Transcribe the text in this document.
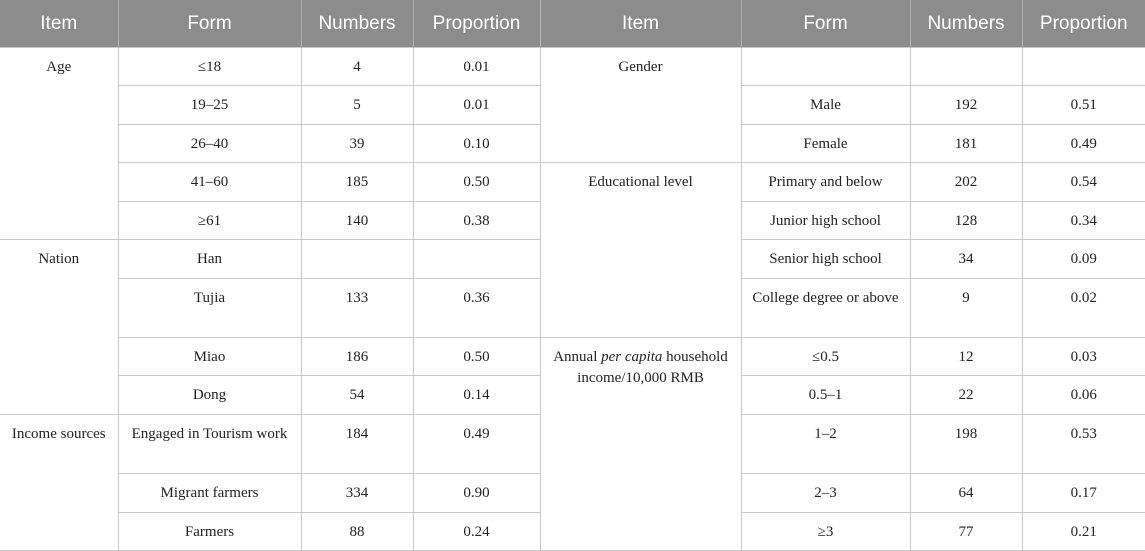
Item	Form	Numbers	Proportion	Item	Form	Numbers	Proportion
Age	≤18	4	0.01	Gender			
	19–25	5	0.01		Male	192	0.51
	26–40	39	0.10		Female	181	0.49
	41–60	185	0.50	Educational level	Primary and below	202	0.54
	≥61	140	0.38		Junior high school	128	0.34
Nation	Han				Senior high school	34	0.09
	Tujia	133	0.36		College degree or above	9	0.02
	Miao	186	0.50	Annual per capita household income/10,000 RMB	≤0.5	12	0.03
	Dong	54	0.14		0.5–1	22	0.06
Income sources	Engaged in Tourism work	184	0.49		1–2	198	0.53
	Migrant farmers	334	0.90		2–3	64	0.17
	Farmers	88	0.24		≥3	77	0.21
